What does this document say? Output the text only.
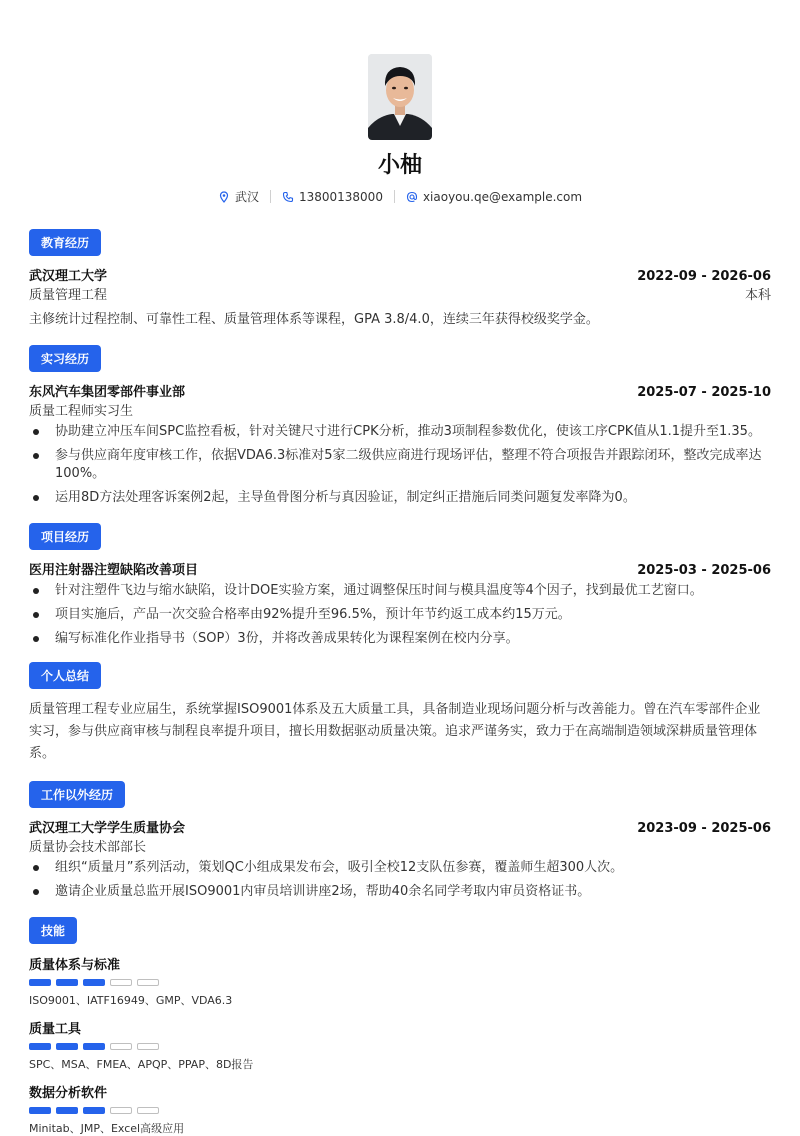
小柚
武汉	13800138000	xiaoyou.qe@example.com
教育经历
武汉理工大学	2022-09 - 2026-06
质量管理工程	本科
主修统计过程控制、可靠性工程、质量管理体系等课程，GPA 3.8/4.0，连续三年获得校级奖学金。
实习经历
东风汽车集团零部件事业部	2025-07 - 2025-10
质量工程师实习生
协助建立冲压车间SPC监控看板，针对关键尺寸进行CPK分析，推动3项制程参数优化，使该工序CPK值从1.1提升至1.35。
参与供应商年度审核工作，依据VDA6.3标准对5家二级供应商进行现场评估，整理不符合项报告并跟踪闭环，整改完成率达100%。
运用8D方法处理客诉案例2起，主导鱼骨图分析与真因验证，制定纠正措施后同类问题复发率降为0。
项目经历
医用注射器注塑缺陷改善项目	2025-03 - 2025-06
针对注塑件飞边与缩水缺陷，设计DOE实验方案，通过调整保压时间与模具温度等4个因子，找到最优工艺窗口。
项目实施后，产品一次交验合格率由92%提升至96.5%，预计年节约返工成本约15万元。
编写标准化作业指导书（SOP）3份，并将改善成果转化为课程案例在校内分享。
个人总结
质量管理工程专业应届生，系统掌握ISO9001体系及五大质量工具，具备制造业现场问题分析与改善能力。曾在汽车零部件企业实习，参与供应商审核与制程良率提升项目，擅长用数据驱动质量决策。追求严谨务实，致力于在高端制造领域深耕质量管理体系。
工作以外经历
武汉理工大学学生质量协会	2023-09 - 2025-06
质量协会技术部部长
组织“质量月”系列活动，策划QC小组成果发布会，吸引全校12支队伍参赛，覆盖师生超300人次。
邀请企业质量总监开展ISO9001内审员培训讲座2场，帮助40余名同学考取内审员资格证书。
技能
质量体系与标准
ISO9001、IATF16949、GMP、VDA6.3
质量工具
SPC、MSA、FMEA、APQP、PPAP、8D报告
数据分析软件
Minitab、JMP、Excel高级应用
